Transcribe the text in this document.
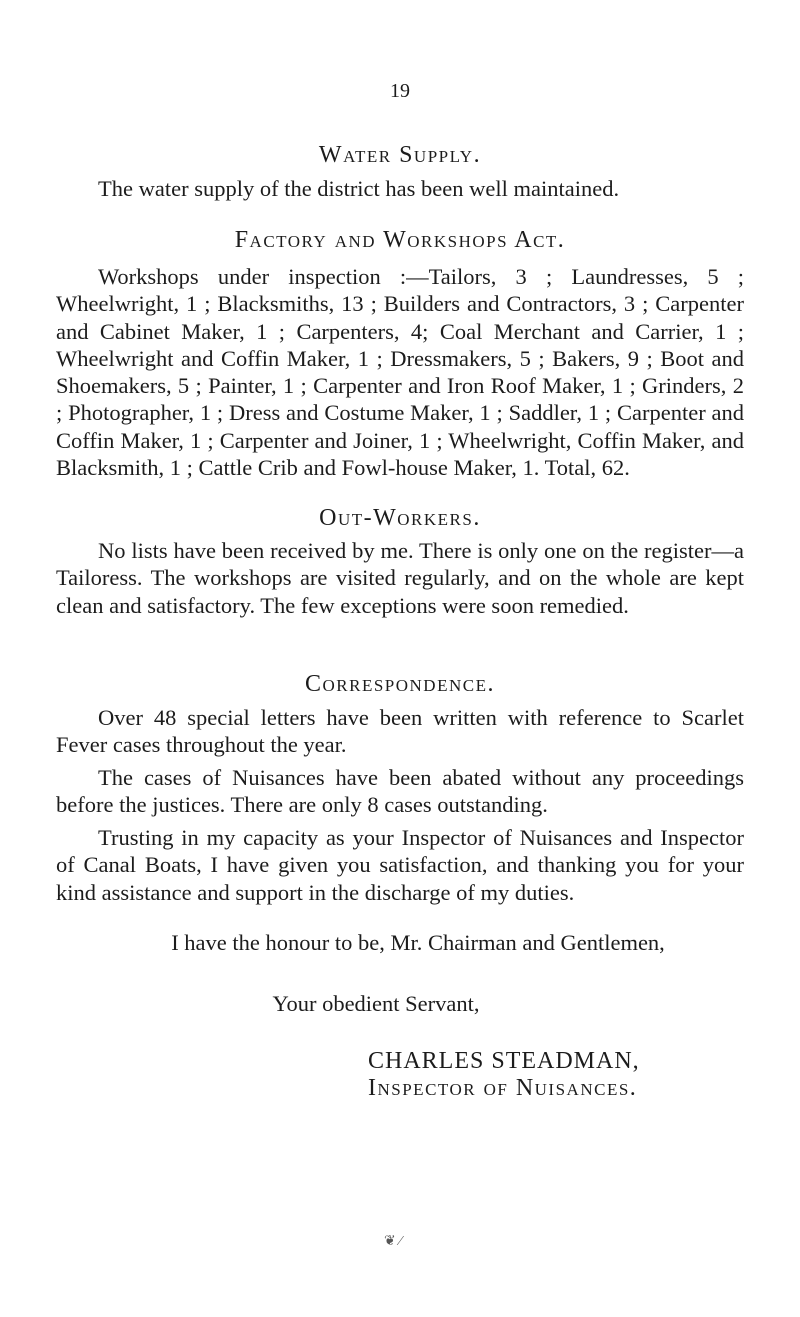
19
Water Supply.
The water supply of the district has been well maintained.
Factory and Workshops Act.
Workshops under inspection :—Tailors, 3 ; Laundresses, 5 ; Wheelwright, 1 ; Blacksmiths, 13 ; Builders and Contractors, 3 ; Carpenter and Cabinet Maker, 1 ; Carpenters, 4; Coal Merchant and Carrier, 1 ; Wheelwright and Coffin Maker, 1 ; Dressmakers, 5 ; Bakers, 9 ; Boot and Shoemakers, 5 ; Painter, 1 ; Carpenter and Iron Roof Maker, 1 ; Grinders, 2 ; Photographer, 1 ; Dress and Costume Maker, 1 ; Saddler, 1 ; Carpenter and Coffin Maker, 1 ; Carpenter and Joiner, 1 ; Wheelwright, Coffin Maker, and Blacksmith, 1 ; Cattle Crib and Fowl-house Maker, 1. Total, 62.
Out-Workers.
No lists have been received by me. There is only one on the register—a Tailoress. The workshops are visited regularly, and on the whole are kept clean and satisfactory. The few exceptions were soon remedied.
Correspondence.
Over 48 special letters have been written with reference to Scarlet Fever cases throughout the year.
The cases of Nuisances have been abated without any proceedings before the justices. There are only 8 cases outstanding.
Trusting in my capacity as your Inspector of Nuisances and Inspector of Canal Boats, I have given you satisfaction, and thanking you for your kind assistance and support in the discharge of my duties.
I have the honour to be, Mr. Chairman and Gentlemen,
Your obedient Servant,
CHARLES STEADMAN,
Inspector of Nuisances.
❦ ⁄
